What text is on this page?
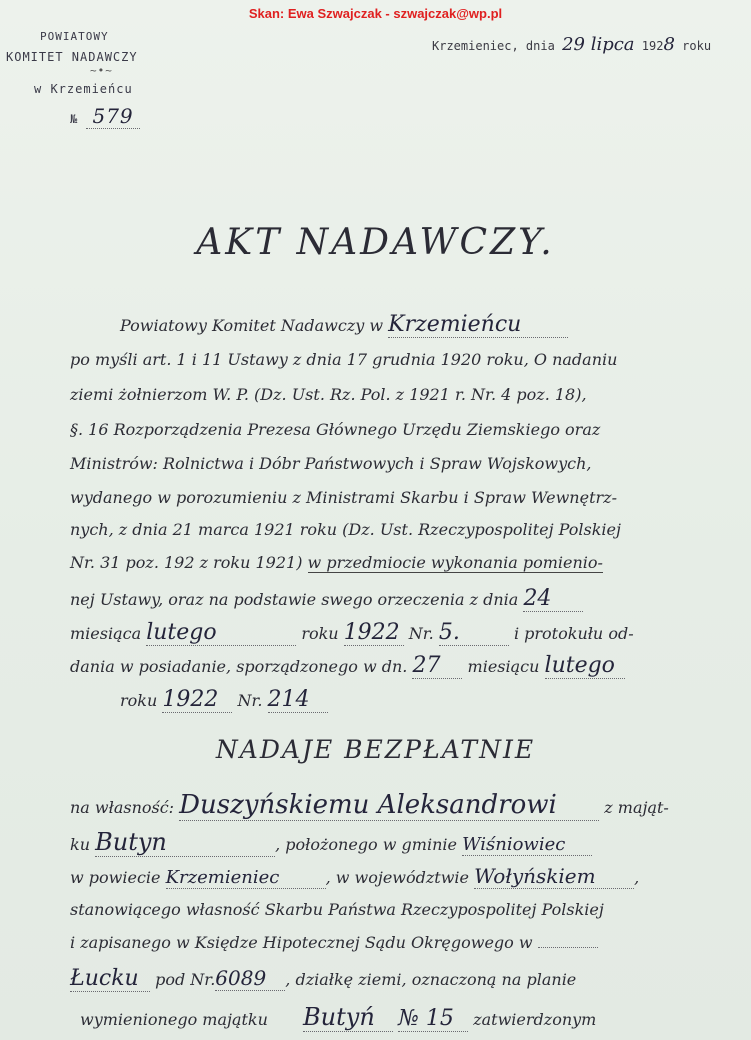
Skan: Ewa Szwajczak - szwajczak@wp.pl
POWIATOWY
KOMITET NADAWCZY
~•~
w Krzemieńcu
№ 579
Krzemieniec, dnia 29 lipca 1928 roku
AKT NADAWCZY.
Powiatowy Komitet Nadawczy w Krzemieńcu
po myśli art. 1 i 11 Ustawy z dnia 17 grudnia 1920 roku, O nadaniu
ziemi żołnierzom W. P. (Dz. Ust. Rz. Pol. z 1921 r. Nr. 4 poz. 18),
§. 16 Rozporządzenia Prezesa Głównego Urzędu Ziemskiego oraz
Ministrów: Rolnictwa i Dóbr Państwowych i Spraw Wojskowych,
wydanego w porozumieniu z Ministrami Skarbu i Spraw Wewnętrz-
nych, z dnia 21 marca 1921 roku (Dz. Ust. Rzeczypospolitej Polskiej
Nr. 31 poz. 192 z roku 1921) w przedmiocie wykonania pomienio-
nej Ustawy, oraz na podstawie swego orzeczenia z dnia 24
miesiąca lutego	roku 1922 Nr. 5.	i protokułu od-
dania w posiadanie, sporządzonego w dn. 27 miesiącu lutego
roku 1922 Nr. 214
NADAJE BEZPŁATNIE
na własność: Duszyńskiemu Aleksandrowi	z mająt-
ku Butyn	, położonego w gminie Wiśniowiec
w powiecie Krzemieniec	, w województwie Wołyńskiem ,
stanowiącego własność Skarbu Państwa Rzeczypospolitej Polskiej
i zapisanego w Księdze Hipotecznej Sądu Okręgowego w
Łucku pod Nr.6089 , działkę ziemi, oznaczoną na planie
wymienionego majątku Butyń № 15 zatwierdzonym
